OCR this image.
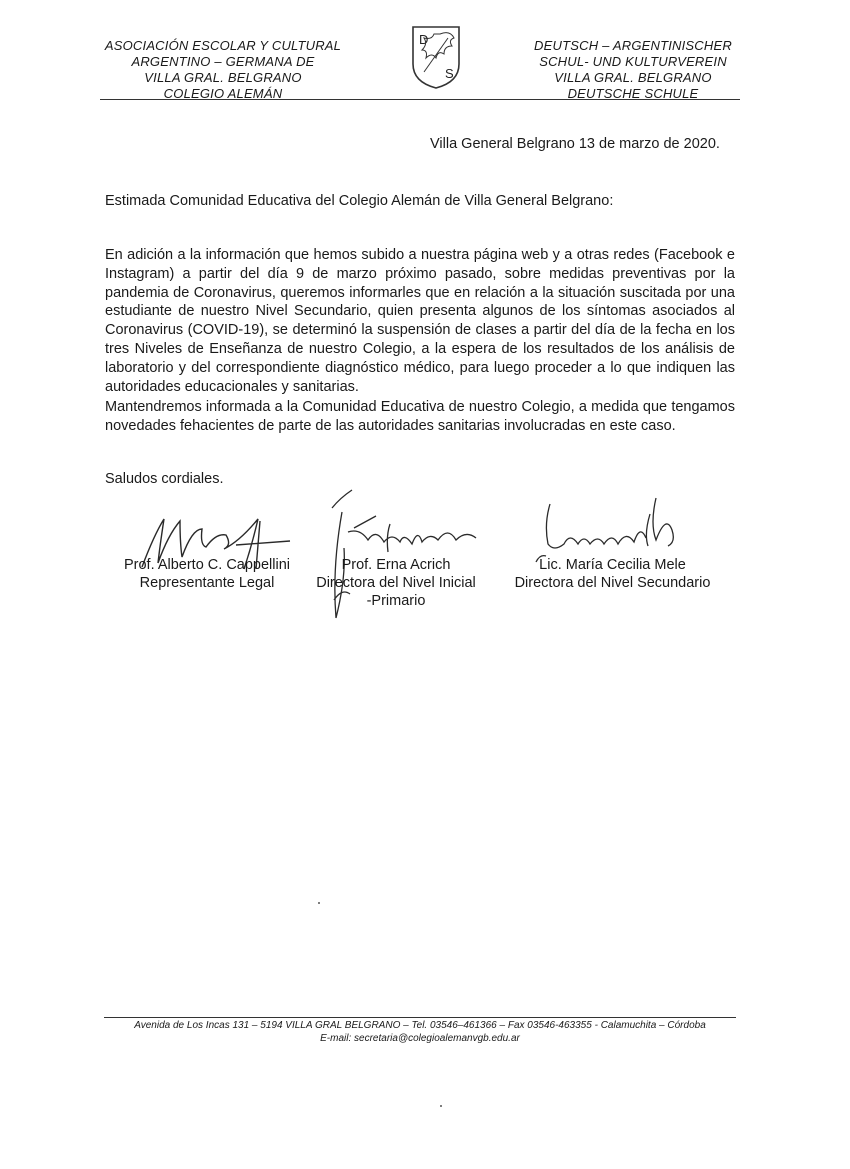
ASOCIACIÓN ESCOLAR Y CULTURAL
ARGENTINO – GERMANA DE
VILLA GRAL. BELGRANO
COLEGIO ALEMÁN
D
S
DEUTSCH – ARGENTINISCHER
SCHUL- UND KULTURVEREIN
VILLA GRAL. BELGRANO
DEUTSCHE SCHULE
Villa General Belgrano 13 de marzo de 2020.
Estimada Comunidad Educativa del Colegio Alemán de Villa General Belgrano:
En adición a la información que hemos subido a nuestra página web y a otras redes (Facebook e Instagram) a partir del día 9 de marzo próximo pasado, sobre medidas preventivas por la pandemia de Coronavirus, queremos informarles que en relación a la situación suscitada por una estudiante de nuestro Nivel Secundario, quien presenta algunos de los síntomas asociados al Coronavirus (COVID-19), se determinó la suspensión de clases a partir del día de la fecha en los tres Niveles de Enseñanza de nuestro Colegio, a la espera de los resultados de los análisis de laboratorio y del correspondiente diagnóstico médico, para luego proceder a lo que indiquen las autoridades educacionales y sanitarias.
Mantendremos informada a la Comunidad Educativa de nuestro Colegio, a medida que tengamos novedades fehacientes de parte de las autoridades sanitarias involucradas en este caso.
Saludos cordiales.
Prof. Alberto C. Cappellini
Representante Legal
Prof. Erna Acrich
Directora del Nivel Inicial
-Primario
Lic. María Cecilia Mele
Directora del Nivel Secundario
Avenida de Los Incas 131 – 5194 VILLA GRAL BELGRANO – Tel. 03546–461366 – Fax 03546-463355 - Calamuchita – Córdoba
E-mail: secretaria@colegioalemanvgb.edu.ar
